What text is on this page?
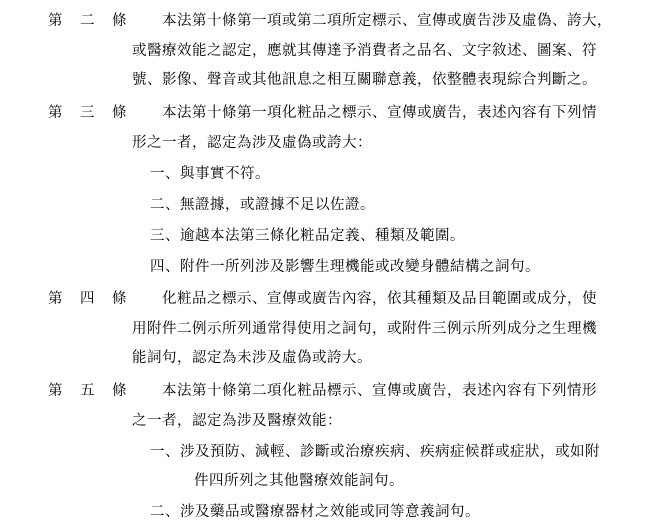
第 二 條 本法第十條第一項或第二項所定標示、宣傳或廣告涉及虛偽、誇大，
或醫療效能之認定，應就其傳達予消費者之品名、文字敘述、圖案、符
號、影像、聲音或其他訊息之相互關聯意義，依整體表現綜合判斷之。
第 三 條 本法第十條第一項化粧品之標示、宣傳或廣告，表述內容有下列情
形之一者，認定為涉及虛偽或誇大：
一、與事實不符。
二、無證據，或證據不足以佐證。
三、逾越本法第三條化粧品定義、種類及範圍。
四、附件一所列涉及影響生理機能或改變身體結構之詞句。
第 四 條 化粧品之標示、宣傳或廣告內容，依其種類及品目範圍或成分，使
用附件二例示所列通常得使用之詞句，或附件三例示所列成分之生理機
能詞句，認定為未涉及虛偽或誇大。
第 五 條 本法第十條第二項化粧品標示、宣傳或廣告，表述內容有下列情形
之一者，認定為涉及醫療效能：
一、涉及預防、減輕、診斷或治療疾病、疾病症候群或症狀，或如附
件四所列之其他醫療效能詞句。
二、涉及藥品或醫療器材之效能或同等意義詞句。
